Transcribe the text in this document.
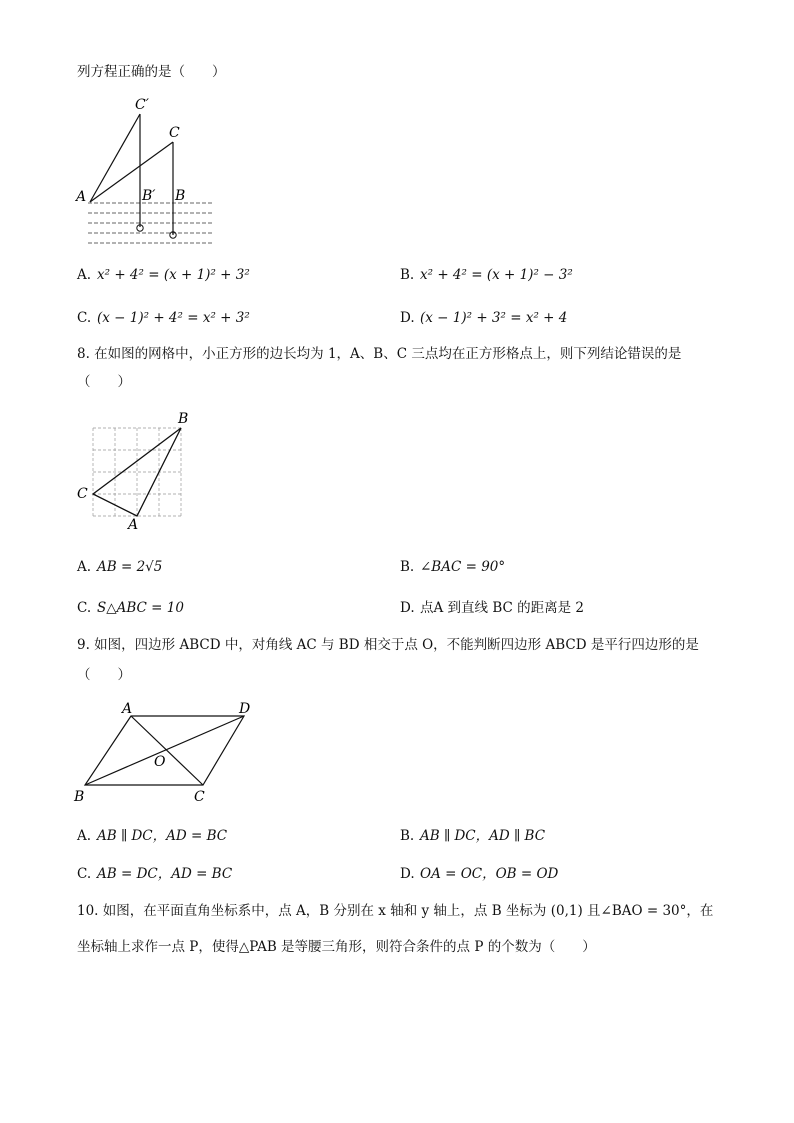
列方程正确的是（　　）
C′
C
A	B′ B
A. x² + 4² = (x + 1)² + 3²	B. x² + 4² = (x + 1)² − 3²
C. (x − 1)² + 4² = x² + 3²	D. (x − 1)² + 3² = x² + 4
8. 在如图的网格中，小正方形的边长均为 1，A、B、C 三点均在正方形格点上，则下列结论错误的是
（　　）
B
C
A
A. AB = 2√5	B. ∠BAC = 90°
C. S△ABC = 10	D. 点A 到直线 BC 的距离是 2
9. 如图，四边形 ABCD 中，对角线 AC 与 BD 相交于点 O，不能判断四边形 ABCD 是平行四边形的是
（　　）
A	D
O
B	C
A. AB ∥ DC，AD = BC	B. AB ∥ DC，AD ∥ BC
C. AB = DC，AD = BC	D. OA = OC，OB = OD
10. 如图，在平面直角坐标系中，点 A，B 分别在 x 轴和 y 轴上，点 B 坐标为 (0,1) 且∠BAO = 30°，在
坐标轴上求作一点 P，使得△PAB 是等腰三角形，则符合条件的点 P 的个数为（　　）
